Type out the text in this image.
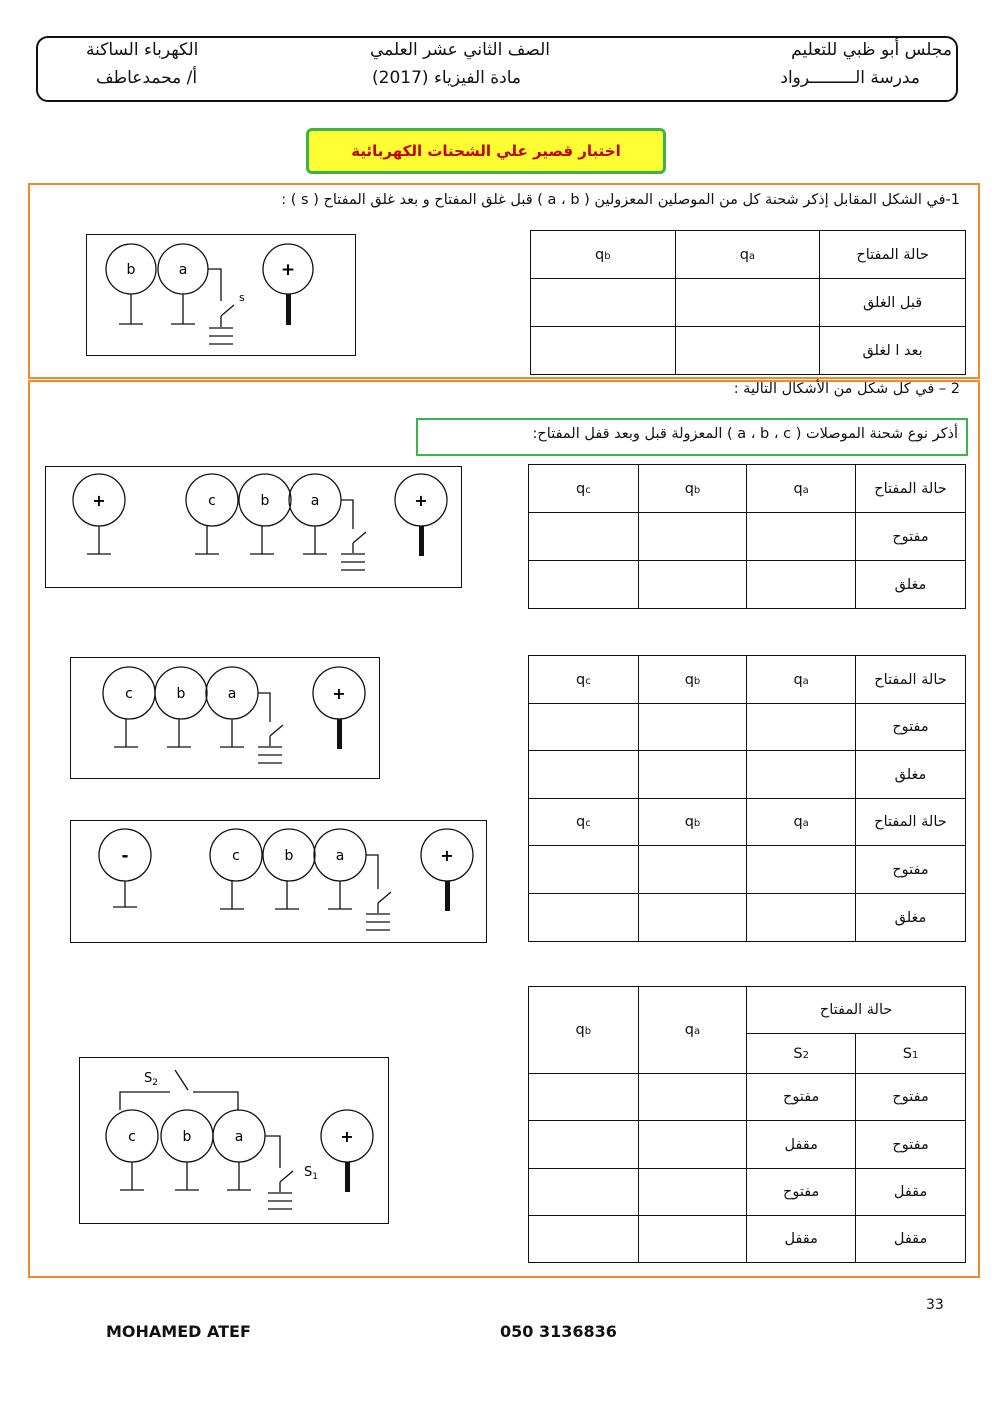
مجلس أبو ظبي للتعليم
مدرسة الـــــــــرواد
الصف الثاني عشر العلمي
مادة الفيزياء (2017)
الكهرباء الساكنة
أ/ محمدعاطف
اختبار قصير علي الشحنات الكهربائية
1-في الشكل المقابل إذكر شحنة كل من الموصلين المعزولين ( a ، b ) قبل غلق المفتاح و بعد غلق المفتاح ( s ) :
b	a	+
s
حالة المفتاح	qa	qb
قبل الغلق		
بعد ا لغلق		
2 – في كل شكل من الأشكال التالية :
أذكر نوع شحنة الموصلات ( a ، b ، c ) المعزولة قبل وبعد قفل المفتاح:
+	c	b	a	+
حالة المفتاح	qa	qb	qc
مفتوح			
مغلق			
c	b	a	+
حالة المفتاح	qa	qb	qc
مفتوح			
مغلق			
حالة المفتاح	qa	qb	qc
مفتوح			
مغلق			
-	c	b	a	+
$S_2$
$S_1$
c	b	a	+
حالة المفتاح		qa	qb
S1	S2		
مفتوح	مفتوح		
مفتوح	مقفل		
مقفل	مفتوح		
مقفل	مقفل		
33
MOHAMED ATEF	050 3136836
